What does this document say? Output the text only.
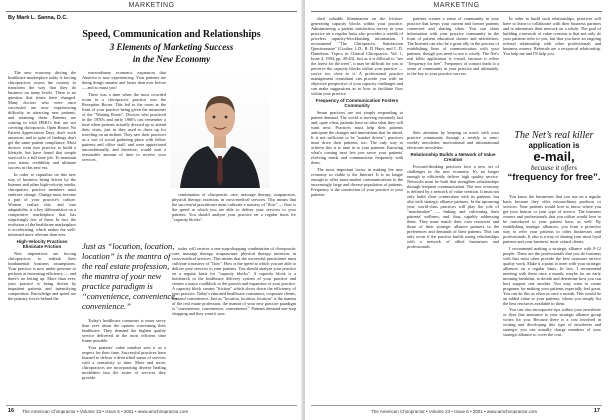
MARKETING
By Mark L. Sanna, D.C.
Speed, Communication and Relationships
3 Elements of Marketing Success
in the New Economy

The new economy driving the healthcare marketplace today is forcing chiropractors across the country to transform the way that they do business on many levels. There is no question that times have changed. Many doctors who were once successful are now experiencing difficulty in attracting new patients, and retaining them. Patients are coming in with HMO's that are not covering chiropractic. Open House, No Patient Appreciation Days, don't work anymore; and in spite of findings don't get the same patient compliance. Most doctors went into practice to build a lifestyle, but have found that simple survival is a full time job. To maintain your status, credibility and ultimate success in this new era.

In order to capitalize on this new way of business being driven by the Internet and other high-velocity media, chiropractic practice members must embrace change. Change must become a part of your practice's culture. Women realize this, and true adaptability is a key differentiator on a competitive marketplace that has surprisingly few of them. In fact, the evolution of the healthcare marketplace is accelerating, which makes the well-informed more relevant than ever.

High-Velocity Practices Eliminate Friction

New imperatives are forcing chiropractors to rethink their fundamental business assumptions. Your practice is now under pressure to perform at increasing efficiency — and there's no letting up. More than ever, your practice is being driven by impatient patients and intensifying competition. Knowledge and speed are the primary forces behind the

extraordinary economic expansion that America is now experiencing. Your patients are doing things smarter and faster than ever before — and so must you!

There was a time when the most crowded room in a chiropractic practice was the Reception Room. This led to the room at the front of your practice being given the misnomer of the "Waiting Room". Doctors who practiced in the 1950's and early 1960's can remember a time when patients actually dressed up to attend their visits, just as they used to dress up for traveling on an airliner. They saw their practices as a sort of social gathering place with fellow patients and office staff, and were appreciated unconditionally, and therefore, would wait a reasonable amount of time to receive your services.

combination of chiropractic care, massage therapy, acupuncture, physical therapy, nutrition, in cross-medical services. This means that the successful practitioner must cultivate a mastery of "flow" — flow is the speed at which you are able to deliver your services to your patients. You should analyze your practice on a regular basis for "capacity blocks".

Just as “location, location,
location” is the mantra of
the real estate profession,
the mantra of your new
practice paradigm is
“convenience, convenience,
convenience.”

Today's healthcare consumer is more savvy than ever about the options concerning their healthcare. They demand the highest quality service delivered in the most efficient time frame possible.

Your patients' value mindset sees it as a respect for their time. Successful practices have learned to deliver a diversified menu of services with a sensitivity to time. More and more, chiropractors are incorporating diverse healing modalities into the roster of services they provide.

today will receive a one-stop-shopping combination of chiropractic care, massage therapy, acupuncture, physical therapy, nutrition, in cross-medical services. This means that the successful practitioner must cultivate a mastery of "flow". How is the speed at which you are able to deliver your services to your patients. You should analyze your practice on a regular basis for "capacity blocks". A capacity block is a bottleneck in the healthcare delivery system of your practice and creates a major roadblock to the growth and expansion of your practice. A capacity block creates "friction" which slows down the efficiency of your practice. Today's educated healthcare consumers, corporate clients, demand convenience. Just as "location, location, location" is the mantra of the real estate profession, the mantra of your new practice paradigm is "convenience, convenience, convenience." Patients demand one-stop shopping and they want it now.

16 The American Chiropractor • Volume 23 • Issue 6 • 2001 • www.amchiropractor.com
MARKETING

shed valuable illumination on the friction-generating capacity blocks within your practice. Administering a patient satisfaction survey in your practice on a regular basis also provides a wealth of priceless capacity-blockbusting information. I recommend "The Chiropractic Satisfaction Questionnaire" (Coulter, I. D., R. D. Hays, and C. D. Danielson. Topics in Clinical Chiropractic. Vol. 1, Issue 4, 1994, pp. 40-43). Just as it is difficult to "see the forest for the trees", it may be difficult for you to perceive the capacity blocks within your practice — you're too close to it. A professional practice management consultant can provide you with an objective perspective of your capacity challenges and can make suggestions as to how to facilitate flow within your practice.

Frequency of Communication Fosters Community

Smart practices are not simply responding to patient demand. The world is moving extremely fast and, quite often, patients have no idea what they will want next. Practices must help their patients anticipate the changes and innovations that lie ahead. It is not sufficient to be "market driven"; practices must drive their patients, too. The only way to achieve this is to tune in to your patients. Knowing what's coming next lets you serve your patients' evolving needs and communicate frequently with them.

The most important factor in making the new economy so viable is the Internet. It is no longer enough to offer mass-market communications to the increasingly large and diverse population of patients. Frequency is the connection of your practice to your patients.

patients creates a sense of community in your practice that keeps your current and former patients connected and sharing ideas. You can share information with your practice community in the form of patient education classes and newsletters. The Internet can also be a great ally in the process of establishing lines of communication with your patients, though you need to use it wisely. The Net's real killer application is e-mail, because it offers "frequency for free". Frequency of contact leads to a sense of community in your practice and ultimately, to the key to your practice success.

The Net’s real killer
application is
e-mail,
because it offers
“frequency for free”.

their attention by keeping in touch with your practice community through a weekly or semi-weekly newsletter, motivational and informational electronic newsletter.

Relationship Builds a Network of Value Creation

Forward-thinking practices face a new set of challenges in the new economy. It's no longer enough to efficiently deliver high quality service. Networks must be built that strengthen relationships through frequent communication. The new economy is defined by a network of value creation. It must not only build close connections with its patients, but also with strategic alliance partners. In the upcoming year, world-class practices will play the role of "matchmaker" — linking and cultivating their patients' wellness, and, thus, capably addressing them. They must match their own resources and those of their strategic alliance partners to the preferences and demands of their patients. This can only occur if the practice builds strong relationships with a network of allied businesses and professionals.

In order to build such relationships, practices will have to learn to collaborate with their business partners and to administer their network on a whole. The goal of building a network of value creation is that not only do your patients refer to you, but that you have an ongoing referral relationship with other professionals and business owners. Referrals are a reciprocal relationship. You help me and I'll help you.

You know the businesses that you use on a regular basis because they offer extraordinary products or services. Your patients would love to know where you get your haircut or your type of service. The business owners and professionals that you utilize would love to be introduced to your patient base, as well. By establishing strategic alliances, you form a proactive way to refer your patients to other businesses and professionals. It also is a way of sharing your most loyal patients and your business' most valued clients.

I recommend making a strategic alliance with 8-12 people. These are the professionals that you do business with that most often provide the best customer service quality work. Make it a point to meet with your strategic alliances on a regular basis. In fact, I recommend meeting with them once a month, maybe for an early morning breakfast, to decide and determine how you can best support one another. You may want to create programs for making your patients especially feel great. You can do this as often as once a month. This would be an added value to your patients, whom you simply list the best resources available to them.

You can also incorporate tips within your newsletter or flyer that announce to your strategic alliance group writes for you. Because there is a cost involved in writing and developing this type of newsletter and strategic you can actually charge members of your strategic alliance to cover the cost.

The American Chiropractor • Volume 23 • Issue 6 • 2001 • www.amchiropractor.com	17
